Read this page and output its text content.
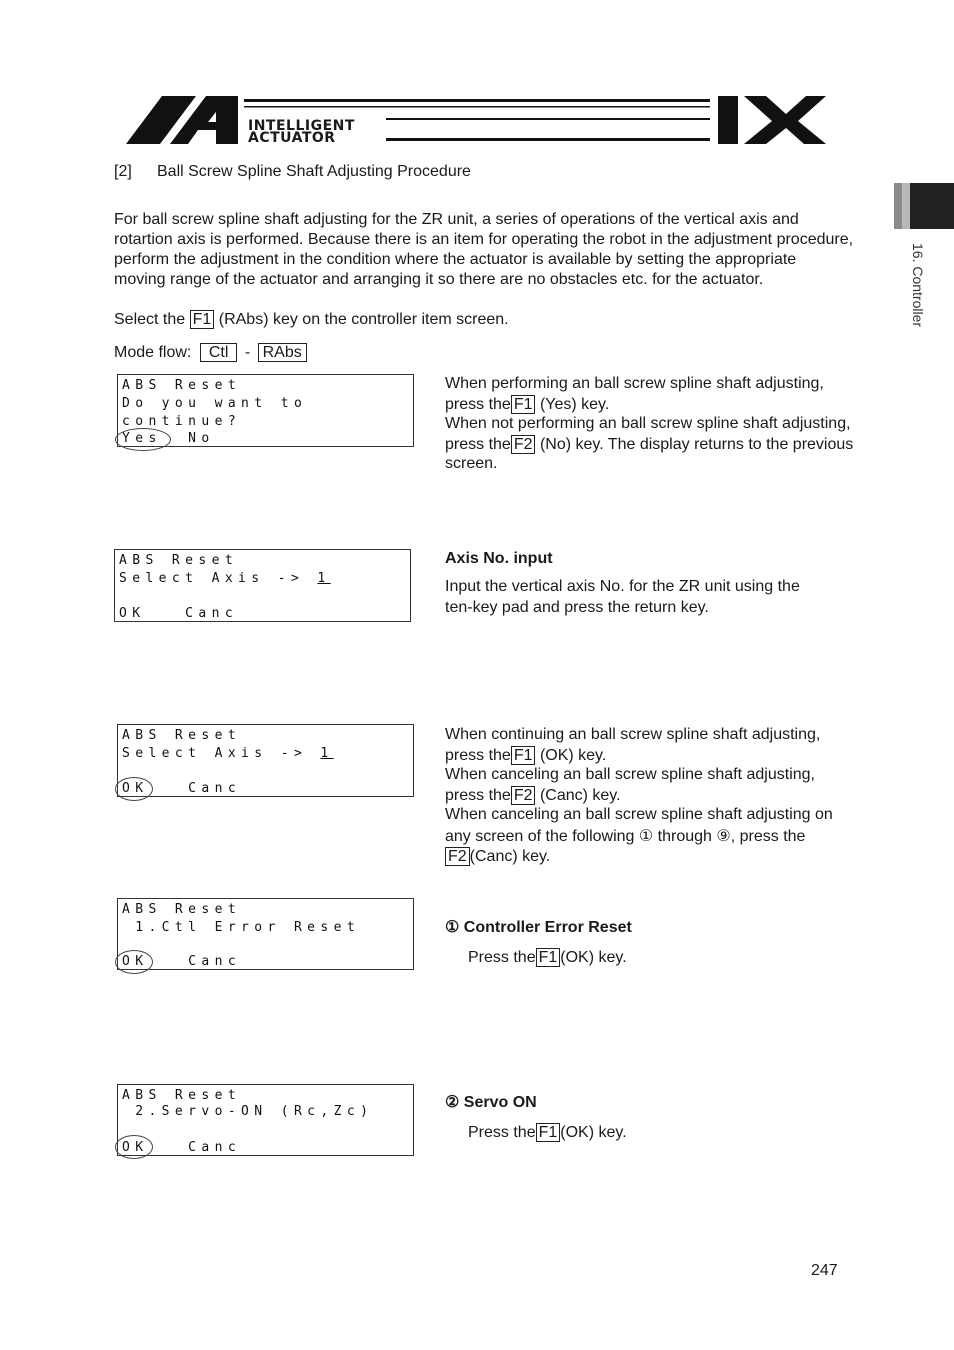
INTELLIGENT
ACTUATOR
16. Controller
[2] Ball Screw Spline Shaft Adjusting Procedure
For ball screw spline shaft adjusting for the ZR unit, a series of operations of the vertical axis and
rotartion axis is performed. Because there is an item for operating the robot in the adjustment procedure,
perform the adjustment in the condition where the actuator is available by setting the appropriate
moving range of the actuator and arranging it so there are no obstacles etc. for the actuator.
Select the F1 (RAbs) key on the controller item screen.
Mode flow: Ctl - RAbs
ABS Reset
Do you want to
continue?
Yes  No
When performing an ball screw spline shaft adjusting,
press the F1 (Yes) key.
When not performing an ball screw spline shaft adjusting,
press the F2 (No) key. The display returns to the previous
screen.
ABS Reset
Select Axis -> 1
OK   Canc
Axis No. input
Input the vertical axis No. for the ZR unit using the
ten-key pad and press the return key.
ABS Reset
Select Axis -> 1
OK   Canc
When continuing an ball screw spline shaft adjusting,
press the F1 (OK) key.
When canceling an ball screw spline shaft adjusting,
press the F2 (Canc) key.
When canceling an ball screw spline shaft adjusting on
any screen of the following ① through ⑨, press the
F2 (Canc) key.
ABS Reset
1.Ctl Error Reset
OK   Canc
① Controller Error Reset
Press the F1 (OK) key.
ABS Reset
2.Servo-ON (Rc,Zc)
OK   Canc
② Servo ON
Press the F1 (OK) key.
247
